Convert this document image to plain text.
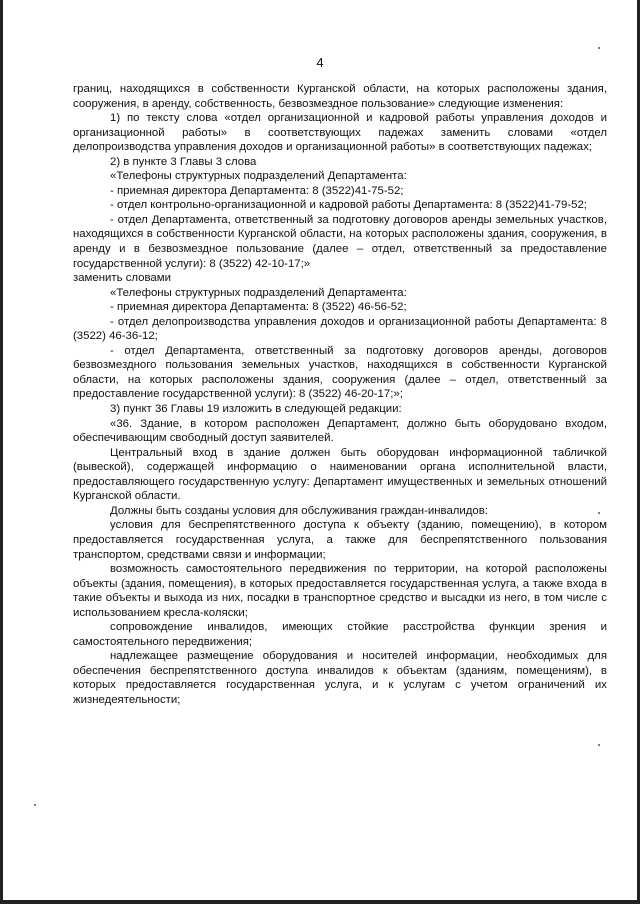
4

границ, находящихся в собственности Курганской области, на которых расположены здания, сооружения, в аренду, собственность, безвозмездное пользование» следующие изменения:

1) по тексту слова «отдел организационной и кадровой работы управления доходов и организационной работы» в соответствующих падежах заменить словами «отдел делопроизводства управления доходов и организационной работы» в соответствующих падежах;

2) в пункте 3 Главы 3 слова

«Телефоны структурных подразделений Департамента:

- приемная директора Департамента: 8 (3522)41-75-52;

- отдел контрольно-организационной и кадровой работы Департамента: 8 (3522)41-79-52;

- отдел Департамента, ответственный за подготовку договоров аренды земельных участков, находящихся в собственности Курганской области, на которых расположены здания, сооружения, в аренду и в безвозмездное пользование (далее – отдел, ответственный за предоставление государственной услуги): 8 (3522) 42-10-17;»

заменить словами

«Телефоны структурных подразделений Департамента:

- приемная директора Департамента: 8 (3522) 46-56-52;

- отдел делопроизводства управления доходов и организационной работы Департамента: 8 (3522) 46-36-12;

- отдел Департамента, ответственный за подготовку договоров аренды, договоров безвозмездного пользования земельных участков, находящихся в собственности Курганской области, на которых расположены здания, сооружения (далее – отдел, ответственный за предоставление государственной услуги): 8 (3522) 46-20-17;»;

3) пункт 36 Главы 19 изложить в следующей редакции:

«36. Здание, в котором расположен Департамент, должно быть оборудовано входом, обеспечивающим свободный доступ заявителей.

Центральный вход в здание должен быть оборудован информационной табличкой (вывеской), содержащей информацию о наименовании органа исполнительной власти, предоставляющего государственную услугу: Департамент имущественных и земельных отношений Курганской области.

Должны быть созданы условия для обслуживания граждан-инвалидов:

условия для беспрепятственного доступа к объекту (зданию, помещению), в котором предоставляется государственная услуга, а также для беспрепятственного пользования транспортом, средствами связи и информации;

возможность самостоятельного передвижения по территории, на которой расположены объекты (здания, помещения), в которых предоставляется государственная услуга, а также входа в такие объекты и выхода из них, посадки в транспортное средство и высадки из него, в том числе с использованием кресла-коляски;

сопровождение инвалидов, имеющих стойкие расстройства функции зрения и самостоятельного передвижения;

надлежащее размещение оборудования и носителей информации, необходимых для обеспечения беспрепятственного доступа инвалидов к объектам (зданиям, помещениям), в которых предоставляется государственная услуга, и к услугам с учетом ограничений их жизнедеятельности;
